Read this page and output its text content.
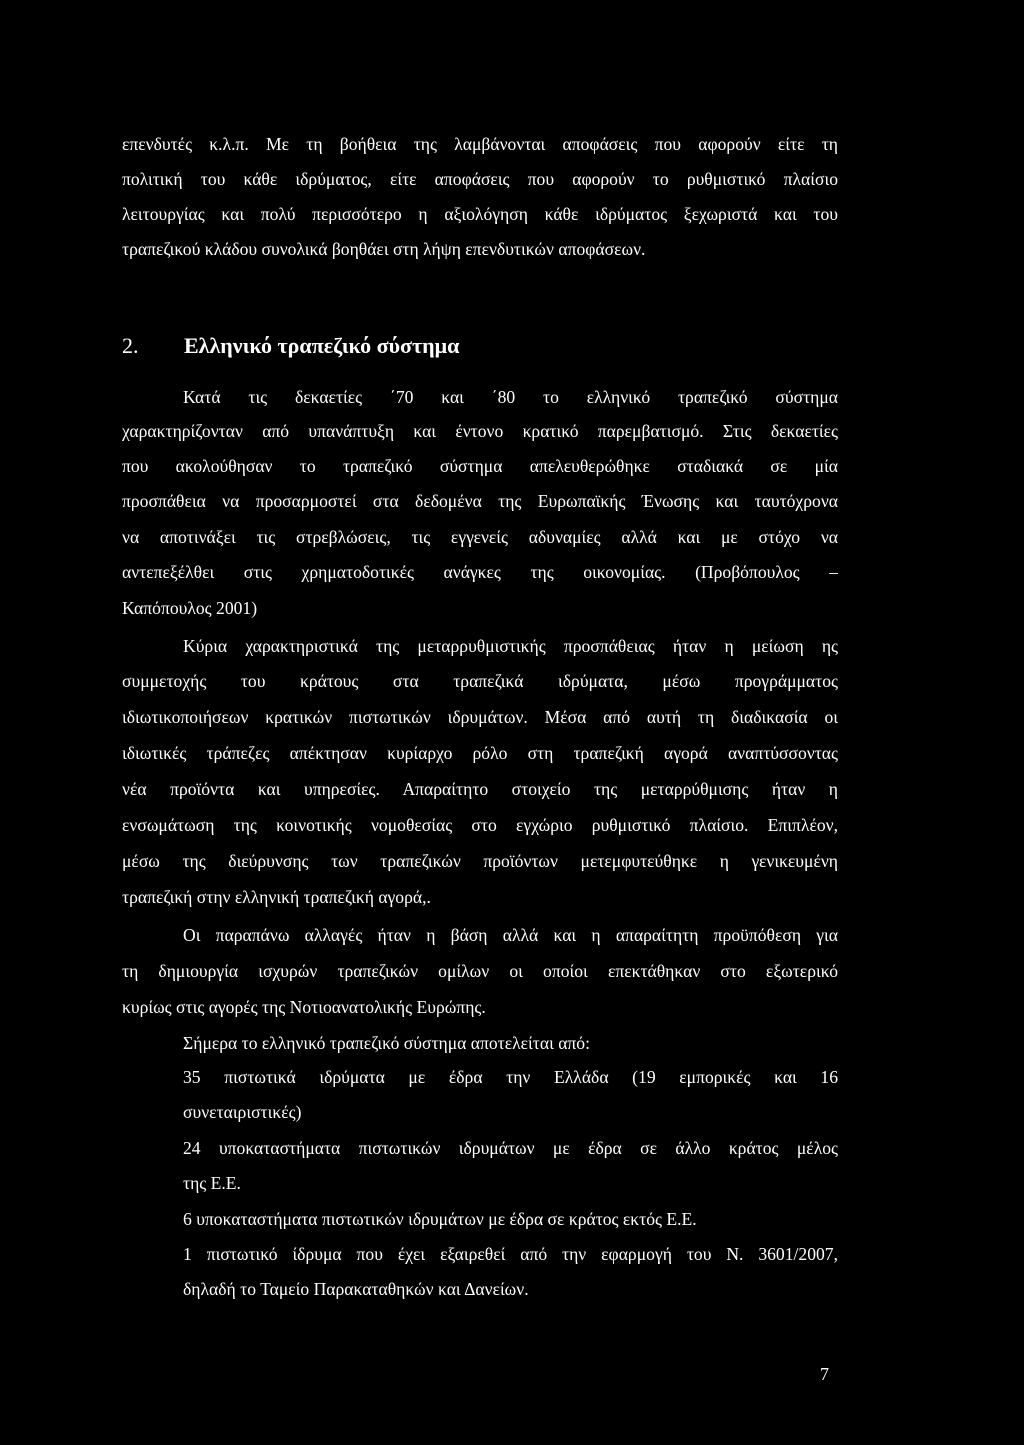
επενδυτές κ.λ.π. Με τη βοήθεια της λαμβάνονται αποφάσεις που αφορούν είτε τη
πολιτική του κάθε ιδρύματος, είτε αποφάσεις που αφορούν το ρυθμιστικό πλαίσιο
λειτουργίας και πολύ περισσότερο η αξιολόγηση κάθε ιδρύματος ξεχωριστά και του
τραπεζικού κλάδου συνολικά βοηθάει στη λήψη επενδυτικών αποφάσεων.
2. Ελληνικό τραπεζικό σύστημα
Κατά τις δεκαετίες ΄70 και ΄80 το ελληνικό τραπεζικό σύστημα
χαρακτηρίζονταν από υπανάπτυξη και έντονο κρατικό παρεμβατισμό. Στις δεκαετίες
που ακολούθησαν το τραπεζικό σύστημα απελευθερώθηκε σταδιακά σε μία
προσπάθεια να προσαρμοστεί στα δεδομένα της Ευρωπαϊκής Ένωσης και ταυτόχρονα
να αποτινάξει τις στρεβλώσεις, τις εγγενείς αδυναμίες αλλά και με στόχο να
αντεπεξέλθει στις χρηματοδοτικές ανάγκες της οικονομίας. (Προβόπουλος –
Καπόπουλος 2001)
Κύρια χαρακτηριστικά της μεταρρυθμιστικής προσπάθειας ήταν η μείωση ης
συμμετοχής του κράτους στα τραπεζικά ιδρύματα, μέσω προγράμματος
ιδιωτικοποιήσεων κρατικών πιστωτικών ιδρυμάτων. Μέσα από αυτή τη διαδικασία οι
ιδιωτικές τράπεζες απέκτησαν κυρίαρχο ρόλο στη τραπεζική αγορά αναπτύσσοντας
νέα προϊόντα και υπηρεσίες. Απαραίτητο στοιχείο της μεταρρύθμισης ήταν η
ενσωμάτωση της κοινοτικής νομοθεσίας στο εγχώριο ρυθμιστικό πλαίσιο. Επιπλέον,
μέσω της διεύρυνσης των τραπεζικών προϊόντων μετεμφυτεύθηκε η γενικευμένη
τραπεζική στην ελληνική τραπεζική αγορά,.
Οι παραπάνω αλλαγές ήταν η βάση αλλά και η απαραίτητη προϋπόθεση για
τη δημιουργία ισχυρών τραπεζικών ομίλων οι οποίοι επεκτάθηκαν στο εξωτερικό
κυρίως στις αγορές της Νοτιοανατολικής Ευρώπης.
Σήμερα το ελληνικό τραπεζικό σύστημα αποτελείται από:
35 πιστωτικά ιδρύματα με έδρα την Ελλάδα (19 εμπορικές και 16
συνεταιριστικές)
24 υποκαταστήματα πιστωτικών ιδρυμάτων με έδρα σε άλλο κράτος μέλος
της Ε.Ε.
6 υποκαταστήματα πιστωτικών ιδρυμάτων με έδρα σε κράτος εκτός Ε.Ε.
1 πιστωτικό ίδρυμα που έχει εξαιρεθεί από την εφαρμογή του Ν. 3601/2007,
δηλαδή το Ταμείο Παρακαταθηκών και Δανείων.
7
